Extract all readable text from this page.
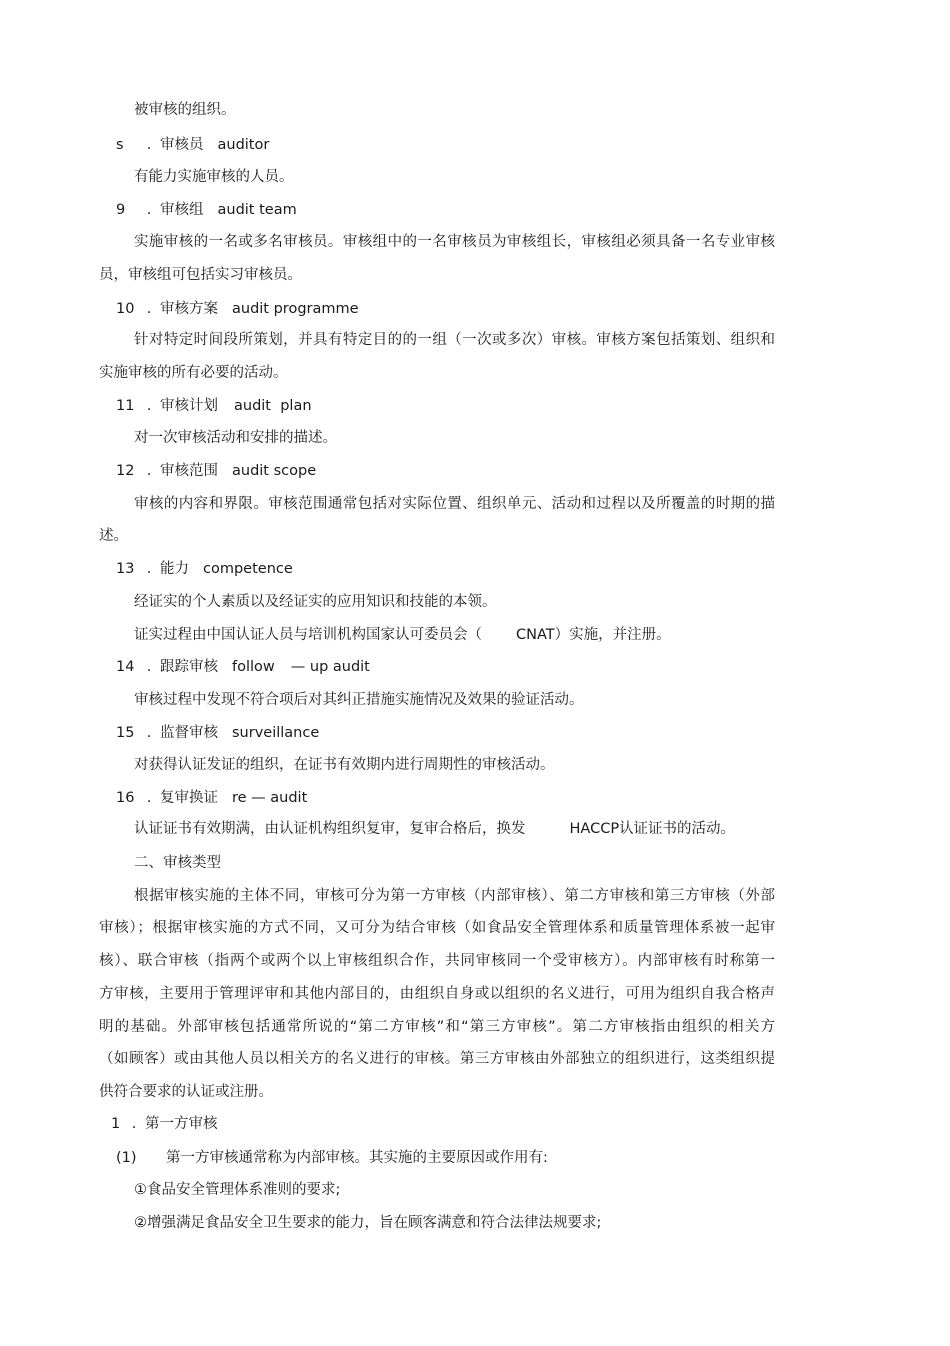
被审核的组织。
s . 审核员 auditor
有能力实施审核的人员。
9 . 审核组 audit team
实施审核的一名或多名审核员。审核组中的一名审核员为审核组长，审核组必须具备一名专业审核
员，审核组可包括实习审核员。
10 . 审核方案 audit programme
针对特定时间段所策划，并具有特定目的的一组（一次或多次）审核。审核方案包括策划、组织和
实施审核的所有必要的活动。
11 . 审核计划 audit  plan
对一次审核活动和安排的描述。
12 . 审核范围 audit scope
审核的内容和界限。审核范围通常包括对实际位置、组织单元、活动和过程以及所覆盖的时期的描
述。
13 . 能力 competence
经证实的个人素质以及经证实的应用知识和技能的本领。
证实过程由中国认证人员与培训机构国家认可委员会（ CNAT）实施，并注册。
14 . 跟踪审核 follow — up audit
审核过程中发现不符合项后对其纠正措施实施情况及效果的验证活动。
15 . 监督审核 surveillance
对获得认证发证的组织，在证书有效期内进行周期性的审核活动。
16 . 复审换证 re — audit
认证证书有效期满，由认证机构组织复审，复审合格后，换发	HACCP认证证书的活动。
二、审核类型
根据审核实施的主体不同，审核可分为第一方审核（内部审核）、第二方审核和第三方审核（外部
审核）；根据审核实施的方式不同，又可分为结合审核（如食品安全管理体系和质量管理体系被一起审
核）、联合审核（指两个或两个以上审核组织合作，共同审核同一个受审核方）。内部审核有时称第一
方审核，主要用于管理评审和其他内部目的，由组织自身或以组织的名义进行，可用为组织自我合格声
明的基础。外部审核包括通常所说的“第二方审核”和“第三方审核”。第二方审核指由组织的相关方
（如顾客）或由其他人员以相关方的名义进行的审核。第三方审核由外部独立的组织进行，这类组织提
供符合要求的认证或注册。
1 . 第一方审核
(1) 第一方审核通常称为内部审核。其实施的主要原因或作用有:
①食品安全管理体系准则的要求;
②增强满足食品安全卫生要求的能力，旨在顾客满意和符合法律法规要求;
